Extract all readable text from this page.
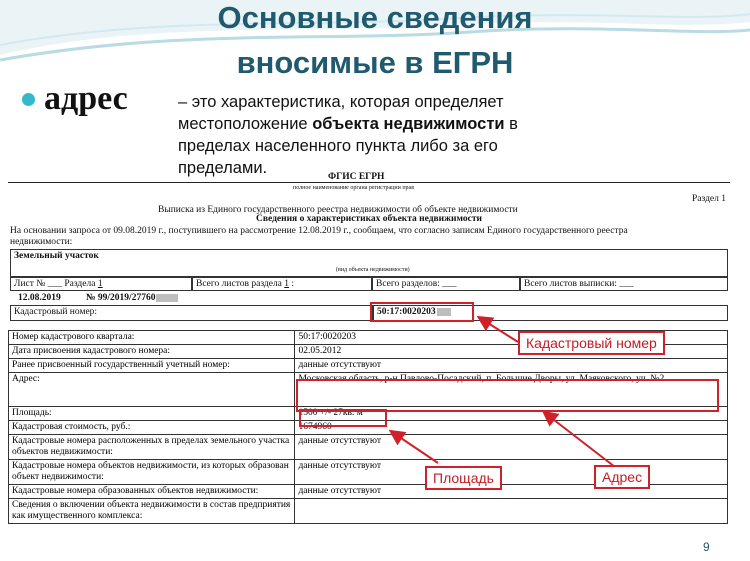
Основные сведения
вносимые в ЕГРН
адрес	– это характеристика, которая определяет местоположение объекта недвижимости в пределах населенного пункта либо за его пределами.	ФГИС ЕГРН
полное наименование органа регистрации прав
Раздел 1
Выписка из Единого государственного реестра недвижимости об объекте недвижимости
Сведения о характеристиках объекта недвижимости
На основании запроса от 09.08.2019 г., поступившего на рассмотрение 12.08.2019 г., сообщаем, что согласно записям Единого государственного реестра
недвижимости:
Земельный участок
(вид объекта недвижимости)
Лист № ___ Раздела 1	Всего листов раздела 1 :	Всего разделов: ___	Всего листов выписки: ___
12.08.2019	№ 99/2019/27760
Кадастровый номер:	50:17:0020203
Номер кадастрового квартала:	50:17:0020203
Дата присвоения кадастрового номера:	02.05.2012
Ранее присвоенный государственный учетный номер:	данные отсутствуют
Адрес:	Московская область, р-н Павлово-Посадский, п. Большие Дворы, ул. Маяковского, уч. №2
Площадь:	1500 +/- 27кв. м
Кадастровая стоимость, руб.:	1674960
Кадастровые номера расположенных в пределах земельного участка объектов недвижимости:	данные отсутствуют
Кадастровые номера объектов недвижимости, из которых образован объект недвижимости:	данные отсутствуют
Кадастровые номера образованных объектов недвижимости:	данные отсутствуют
Сведения о включении объекта недвижимости в состав предприятия как имущественного комплекса:	
Кадастровый номер
Площадь	Адрес
9
